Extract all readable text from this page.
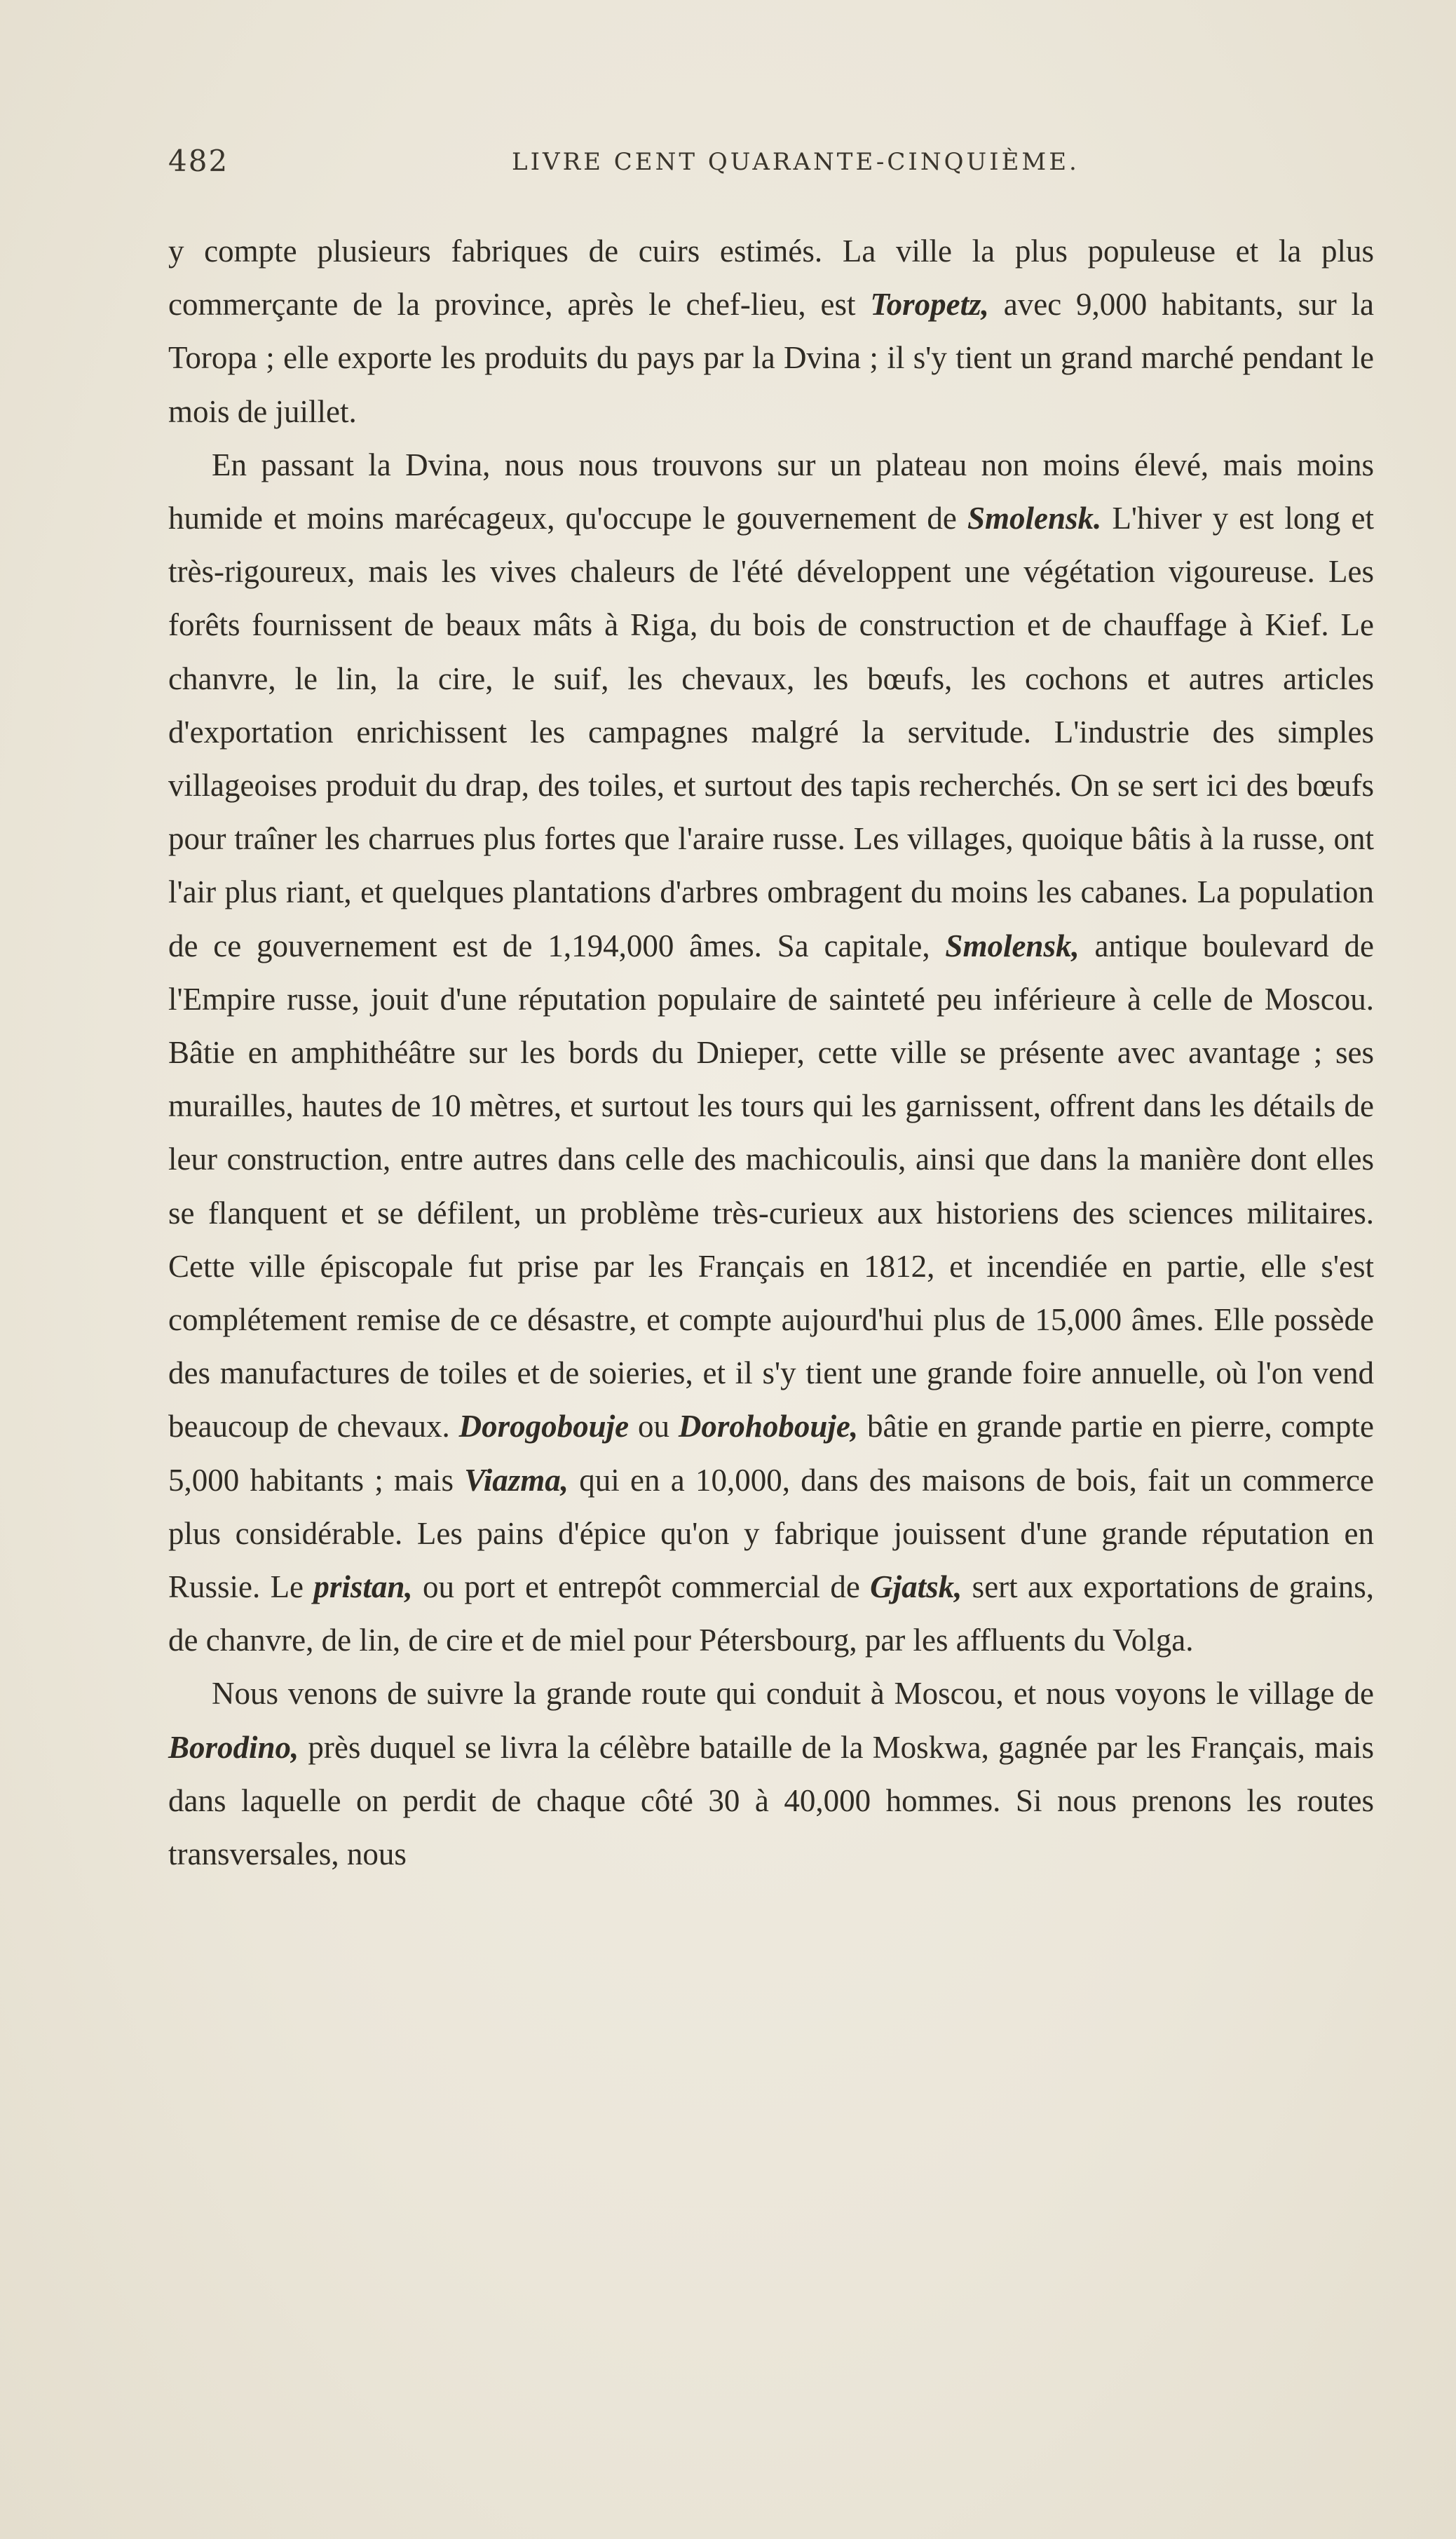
482	LIVRE CENT QUARANTE-CINQUIÈME.

y compte plusieurs fabriques de cuirs estimés. La ville la plus populeuse et la plus commerçante de la province, après le chef-lieu, est Toropetz, avec 9,000 habitants, sur la Toropa ; elle exporte les produits du pays par la Dvina ; il s'y tient un grand marché pendant le mois de juillet.

En passant la Dvina, nous nous trouvons sur un plateau non moins élevé, mais moins humide et moins marécageux, qu'occupe le gouvernement de Smolensk. L'hiver y est long et très-rigoureux, mais les vives chaleurs de l'été développent une végétation vigoureuse. Les forêts fournissent de beaux mâts à Riga, du bois de construction et de chauffage à Kief. Le chanvre, le lin, la cire, le suif, les chevaux, les bœufs, les cochons et autres articles d'exportation enrichissent les campagnes malgré la servitude. L'industrie des simples villageoises produit du drap, des toiles, et surtout des tapis recherchés. On se sert ici des bœufs pour traîner les charrues plus fortes que l'araire russe. Les villages, quoique bâtis à la russe, ont l'air plus riant, et quelques plantations d'arbres ombragent du moins les cabanes. La population de ce gouvernement est de 1,194,000 âmes. Sa capitale, Smolensk, antique boulevard de l'Empire russe, jouit d'une réputation populaire de sainteté peu inférieure à celle de Moscou. Bâtie en amphithéâtre sur les bords du Dnieper, cette ville se présente avec avantage ; ses murailles, hautes de 10 mètres, et surtout les tours qui les garnissent, offrent dans les détails de leur construction, entre autres dans celle des machicoulis, ainsi que dans la manière dont elles se flanquent et se défilent, un problème très-curieux aux historiens des sciences militaires. Cette ville épiscopale fut prise par les Français en 1812, et incendiée en partie, elle s'est complétement remise de ce désastre, et compte aujourd'hui plus de 15,000 âmes. Elle possède des manufactures de toiles et de soieries, et il s'y tient une grande foire annuelle, où l'on vend beaucoup de chevaux. Dorogobouje ou Dorohobouje, bâtie en grande partie en pierre, compte 5,000 habitants ; mais Viazma, qui en a 10,000, dans des maisons de bois, fait un commerce plus considérable. Les pains d'épice qu'on y fabrique jouissent d'une grande réputation en Russie. Le pristan, ou port et entrepôt commercial de Gjatsk, sert aux exportations de grains, de chanvre, de lin, de cire et de miel pour Pétersbourg, par les affluents du Volga.

Nous venons de suivre la grande route qui conduit à Moscou, et nous voyons le village de Borodino, près duquel se livra la célèbre bataille de la Moskwa, gagnée par les Français, mais dans laquelle on perdit de chaque côté 30 à 40,000 hommes. Si nous prenons les routes transversales, nous
